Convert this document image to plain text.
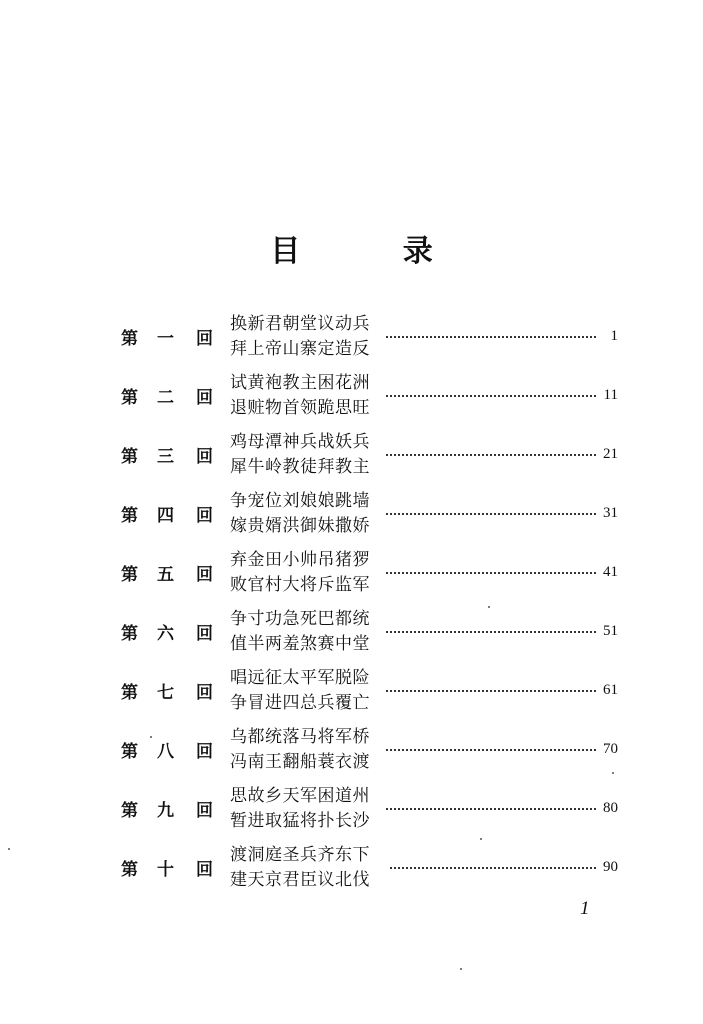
目 录
第 一 回
换新君朝堂议动兵
拜上帝山寨定造反
1
第 二 回
试黄袍教主困花洲
退赃物首领跪思旺
11
第 三 回
鸡母潭神兵战妖兵
犀牛岭教徒拜教主
21
第 四 回
争宠位刘娘娘跳墙
嫁贵婿洪御妹撒娇
31
第 五 回
弃金田小帅吊猪猡
败官村大将斥监军
41
第 六 回
争寸功急死巴都统
值半两羞煞赛中堂
51
第 七 回
唱远征太平军脱险
争冒进四总兵覆亡
61
第 八 回
乌都统落马将军桥
冯南王翻船蓑衣渡
70
第 九 回
思故乡天军困道州
暂进取猛将扑长沙
80
第 十 回
渡洞庭圣兵齐东下
建天京君臣议北伐
90
1
